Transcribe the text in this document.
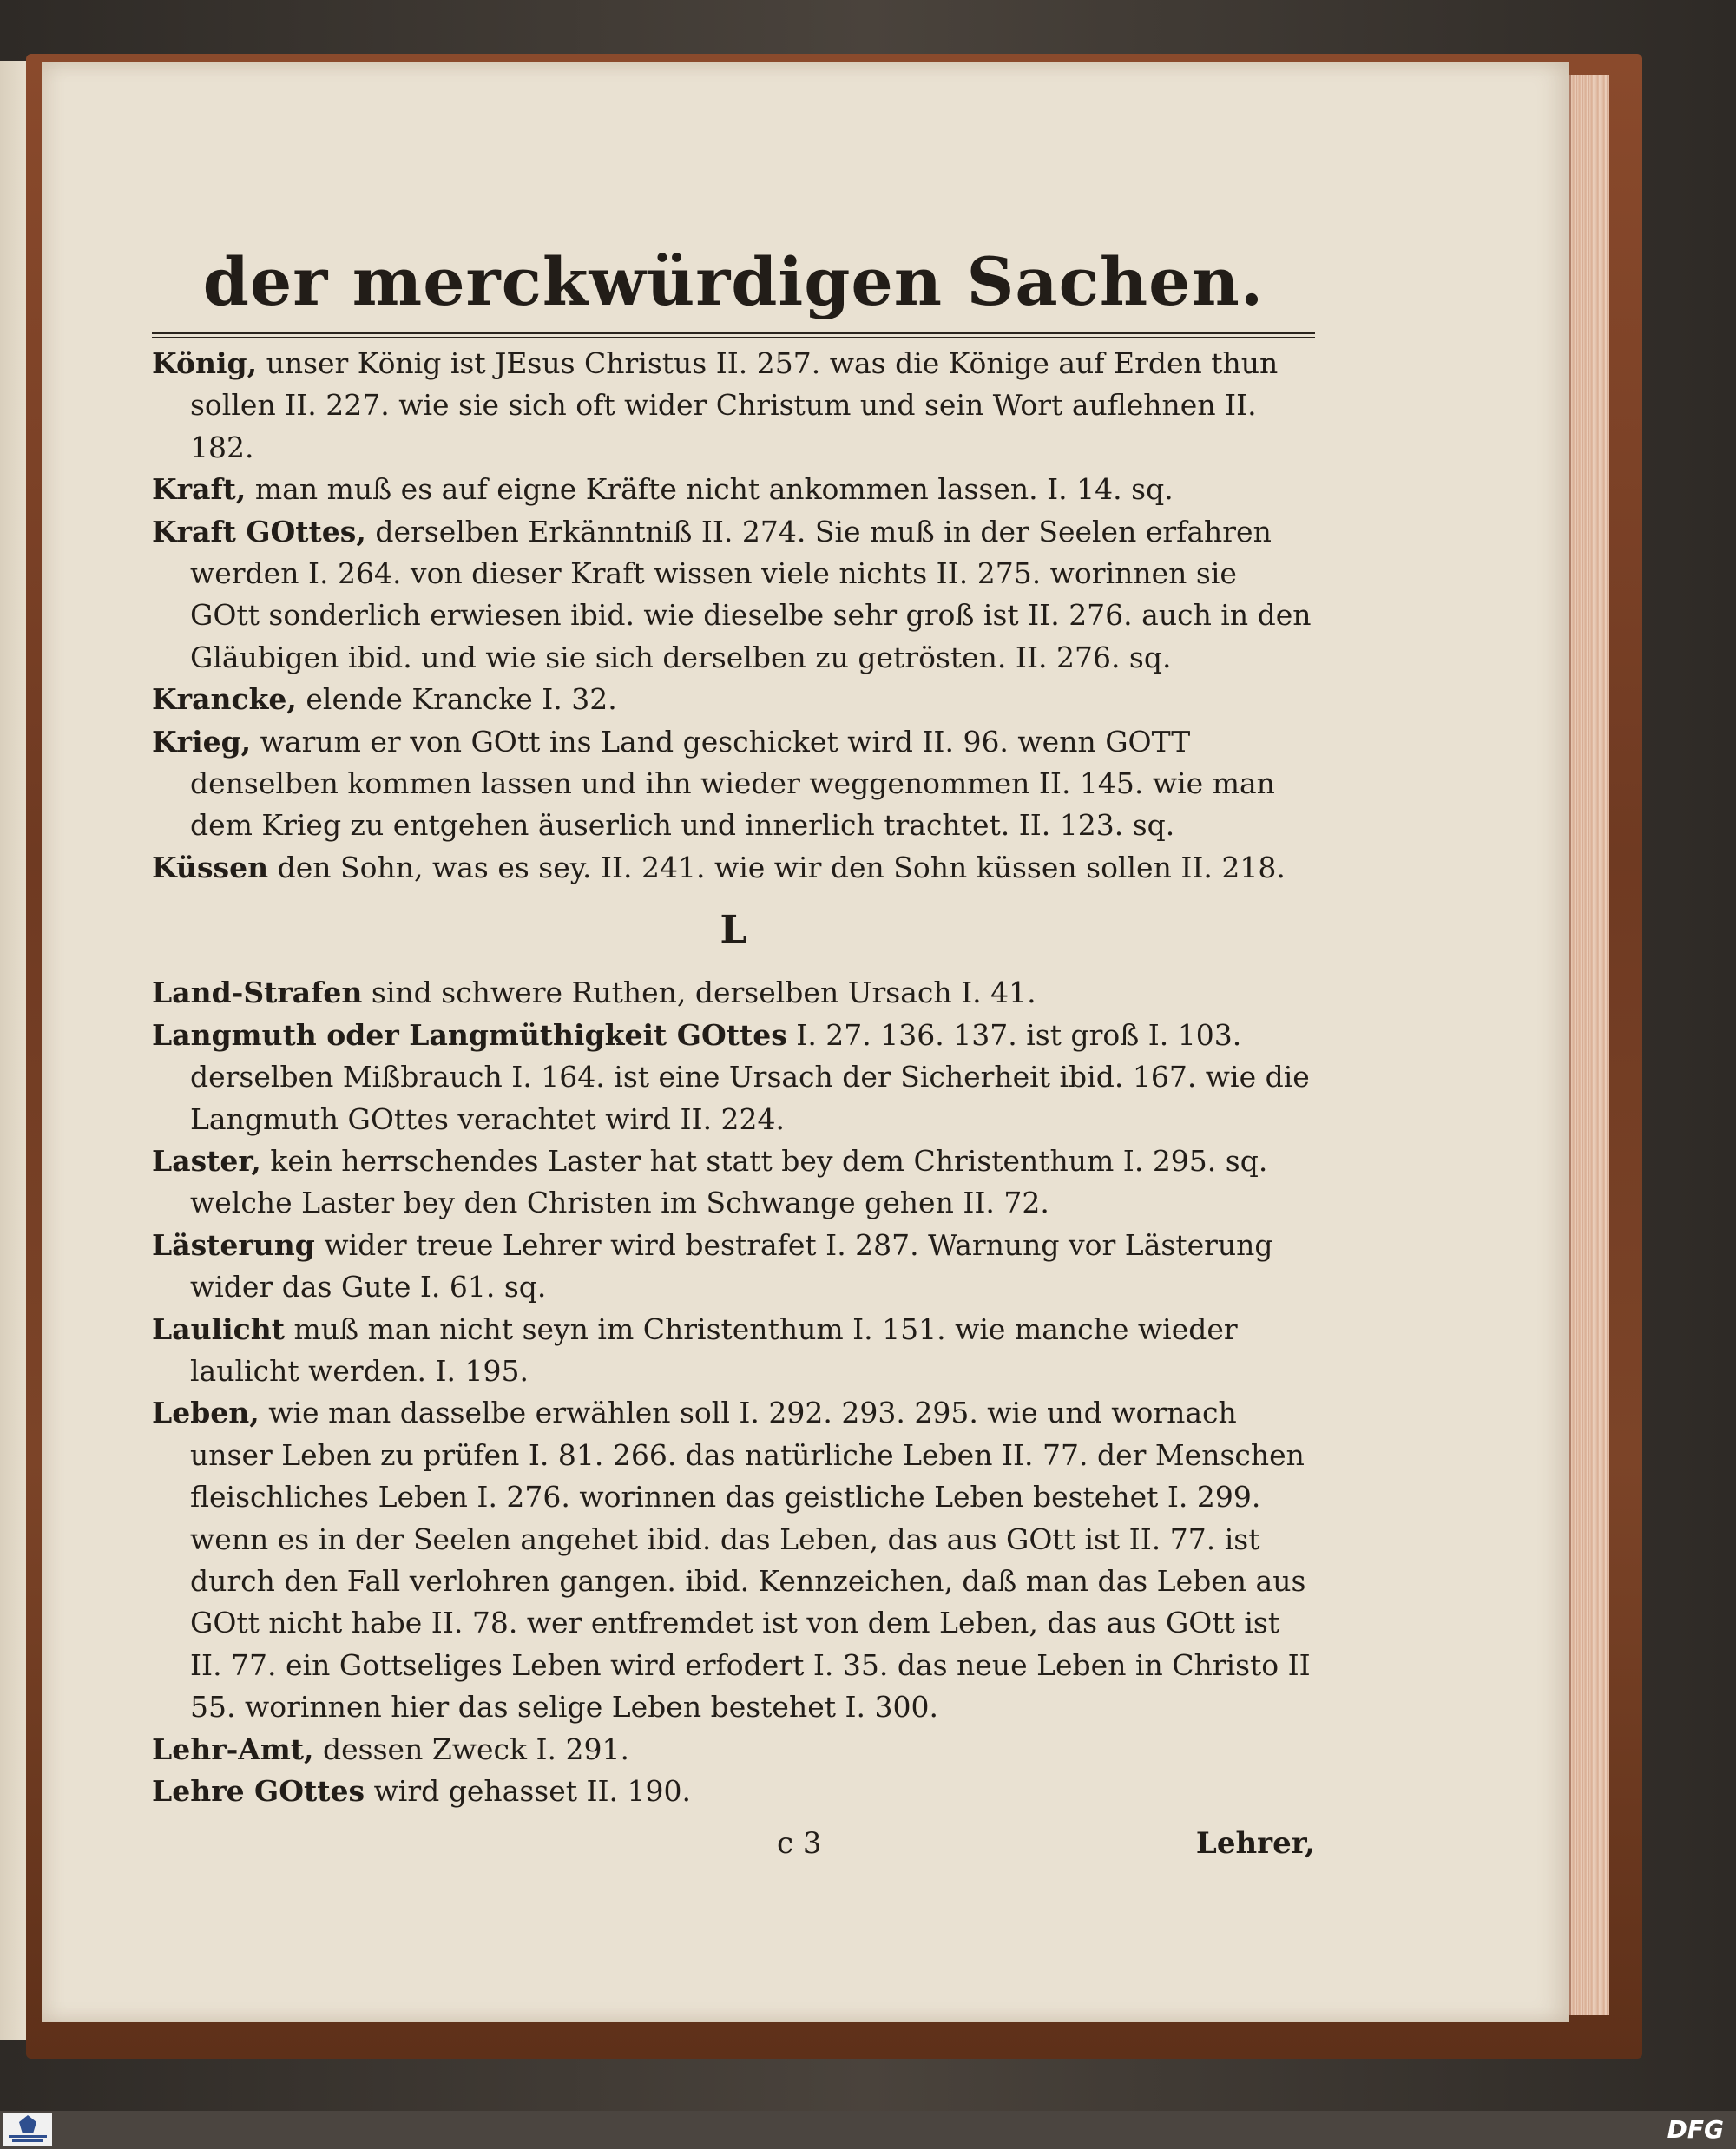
der merckwürdigen Sachen.

König, unser König ist JEsus Christus II. 257. was die Könige auf Erden thun sollen II. 227. wie sie sich oft wider Christum und sein Wort auflehnen II. 182.

Kraft, man muß es auf eigne Kräfte nicht ankommen lassen. I. 14. sq.

Kraft GOttes, derselben Erkänntniß II. 274. Sie muß in der Seelen erfahren werden I. 264. von dieser Kraft wissen viele nichts II. 275. worinnen sie GOtt sonderlich erwiesen ibid. wie dieselbe sehr groß ist II. 276. auch in den Gläubigen ibid. und wie sie sich derselben zu getrösten. II. 276. sq.

Krancke, elende Krancke I. 32.

Krieg, warum er von GOtt ins Land geschicket wird II. 96. wenn GOTT denselben kommen lassen und ihn wieder weggenommen II. 145. wie man dem Krieg zu entgehen äuserlich und innerlich trachtet. II. 123. sq.

Küssen den Sohn, was es sey. II. 241. wie wir den Sohn küssen sollen II. 218.

L

Land-Strafen sind schwere Ruthen, derselben Ursach I. 41.

Langmuth oder Langmüthigkeit GOttes I. 27. 136. 137. ist groß I. 103. derselben Mißbrauch I. 164. ist eine Ursach der Sicherheit ibid. 167. wie die Langmuth GOttes verachtet wird II. 224.

Laster, kein herrschendes Laster hat statt bey dem Christenthum I. 295. sq. welche Laster bey den Christen im Schwange gehen II. 72.

Lästerung wider treue Lehrer wird bestrafet I. 287. Warnung vor Lästerung wider das Gute I. 61. sq.

Laulicht muß man nicht seyn im Christenthum I. 151. wie manche wieder laulicht werden. I. 195.

Leben, wie man dasselbe erwählen soll I. 292. 293. 295. wie und wornach unser Leben zu prüfen I. 81. 266. das natürliche Leben II. 77. der Menschen fleischliches Leben I. 276. worinnen das geistliche Leben bestehet I. 299. wenn es in der Seelen angehet ibid. das Leben, das aus GOtt ist II. 77. ist durch den Fall verlohren gangen. ibid. Kennzeichen, daß man das Leben aus GOtt nicht habe II. 78. wer entfremdet ist von dem Leben, das aus GOtt ist II. 77. ein Gottseliges Leben wird erfodert I. 35. das neue Leben in Christo II 55. worinnen hier das selige Leben bestehet I. 300.

Lehr-Amt, dessen Zweck I. 291.

Lehre GOttes wird gehasset II. 190.

c 3	Lehrer,
DFG
